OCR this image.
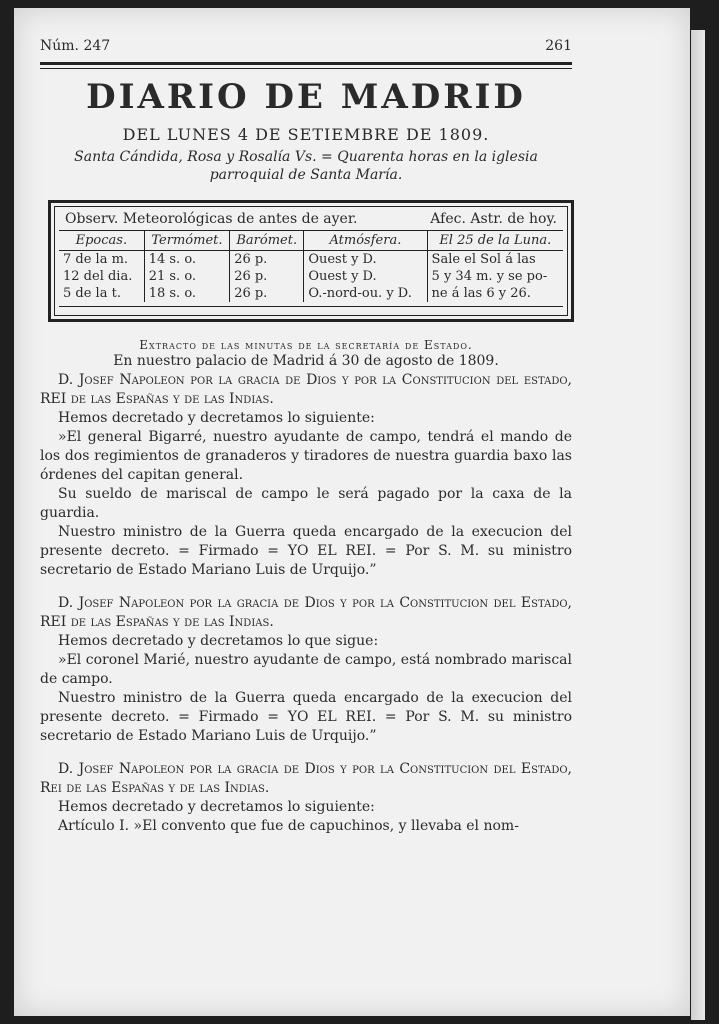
Núm. 247	261
DIARIO DE MADRID
DEL LUNES 4 DE SETIEMBRE DE 1809.
Santa Cándida, Rosa y Rosalía Vs. = Quarenta horas en la iglesia
parroquial de Santa María.
Observ. Meteorológicas de antes de ayer.	Afec. Astr. de hoy.
Epocas.	Termómet.	Barómet.	Atmósfera.	El 25 de la Luna.
7 de la m.	14 s. o.	26 p.	Ouest y D.	Sale el Sol á las
12 del dia.	21 s. o.	26 p.	Ouest y D.	5 y 34 m. y se po-
5 de la t.	18 s. o.	26 p.	O.-nord-ou. y D.	ne á las 6 y 26.
Extracto de las minutas de la secretaría de Estado.

En nuestro palacio de Madrid á 30 de agosto de 1809.

D. Josef Napoleon por la gracia de Dios y por la Constitucion del estado, REI de las Españas y de las Indias.

Hemos decretado y decretamos lo siguiente:

»El general Bigarré, nuestro ayudante de campo, tendrá el mando de los dos regimientos de granaderos y tiradores de nuestra guardia baxo las órdenes del capitan general.

Su sueldo de mariscal de campo le será pagado por la caxa de la guardia.

Nuestro ministro de la Guerra queda encargado de la execucion del presente decreto. = Firmado = YO EL REI. = Por S. M. su ministro secretario de Estado Mariano Luis de Urquijo.”

D. Josef Napoleon por la gracia de Dios y por la Constitucion del Estado, REI de las Españas y de las Indias.

Hemos decretado y decretamos lo que sigue:

»El coronel Marié, nuestro ayudante de campo, está nombrado mariscal de campo.

Nuestro ministro de la Guerra queda encargado de la execucion del presente decreto. = Firmado = YO EL REI. = Por S. M. su ministro secretario de Estado Mariano Luis de Urquijo.”

D. Josef Napoleon por la gracia de Dios y por la Constitucion del Estado, Rei de las Españas y de las Indias.

Hemos decretado y decretamos lo siguiente:

Artículo I. »El convento que fue de capuchinos, y llevaba el nom-
